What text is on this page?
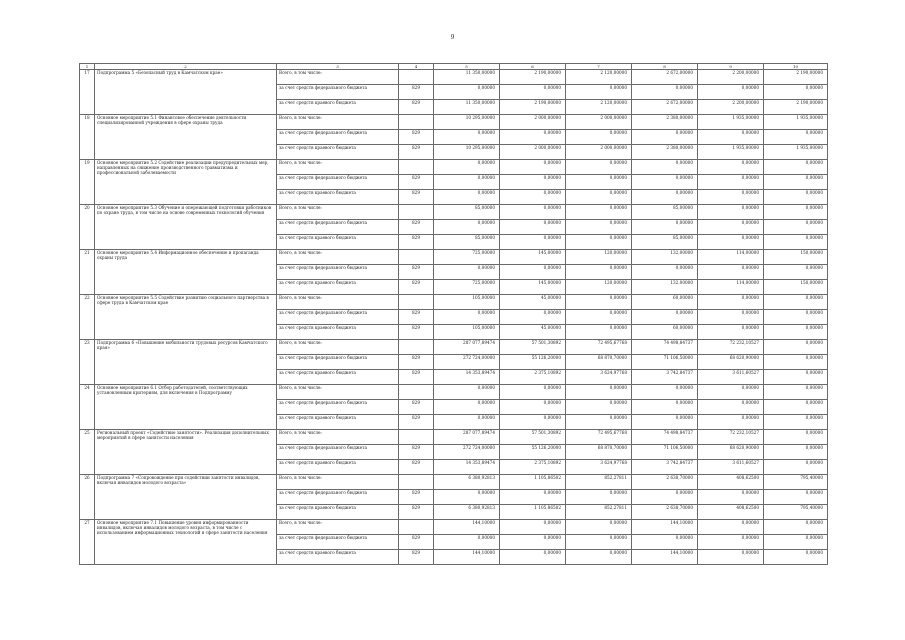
9
1	2	3	4	5	6	7	8	9	10
17	Подпрограмма 5 «Безопасный труд в Камчатском крае»	Всего, в том числе:		11 350,00000	2 190,00000	2 120,00000	2 672,00000	2 200,00000	2 190,00000
		за счет средств федерального бюджета	829	0,00000	0,00000	0,00000	0,00000	0,00000	0,00000
		за счет средств краевого бюджета	829	11 350,00000	2 190,00000	2 120,00000	2 672,00000	2 200,00000	2 190,00000
18	Основное мероприятие 5.1 Финансовое обеспечение деятельности специализированной учреждения в сфере охраны труда	Всего, в том числе:		10 295,00000	2 000,00000	2 000,00000	2 380,00000	1 935,00000	1 935,00000
		за счет средств федерального бюджета	829	0,00000	0,00000	0,00000	0,00000	0,00000	0,00000
		за счет средств краевого бюджета	829	10 295,00000	2 000,00000	2 000,00000	2 380,00000	1 935,00000	1 935,00000
19	Основное мероприятие 5.2 Содействие реализации предупредительных мер, направленных на снижение производственного травматизма и профессиональной заболеваемости	Всего, в том числе:		0,00000	0,00000	0,00000	0,00000	0,00000	0,00000
		за счет средств федерального бюджета	829	0,00000	0,00000	0,00000	0,00000	0,00000	0,00000
		за счет средств краевого бюджета	829	0,00000	0,00000	0,00000	0,00000	0,00000	0,00000
20	Основное мероприятие 5.3 Обучение и опережающей подготовки работников по охране труда, в том числе на основе современных технологий обучения	Всего, в том числе:		85,00000	0,00000	0,00000	85,00000	0,00000	0,00000
		за счет средств федерального бюджета	829	0,00000	0,00000	0,00000	0,00000	0,00000	0,00000
		за счет средств краевого бюджета	829	85,00000	0,00000	0,00000	85,00000	0,00000	0,00000
21	Основное мероприятие 5.4 Информационное обеспечение и пропаганда охраны труда	Всего, в том числе:		725,00000	145,00000	120,00000	132,00000	114,00000	150,00000
		за счет средств федерального бюджета	829	0,00000	0,00000	0,00000	0,00000	0,00000	0,00000
		за счет средств краевого бюджета	829	725,00000	145,00000	120,00000	132,00000	114,00000	150,00000
22	Основное мероприятие 5.5 Содействие развитию социального партнерства в сфере труда в Камчатском крае	Всего, в том числе:		105,00000	45,00000	0,00000	60,00000	0,00000	0,00000
		за счет средств федерального бюджета	829	0,00000	0,00000	0,00000	0,00000	0,00000	0,00000
		за счет средств краевого бюджета	829	105,00000	45,00000	0,00000	60,00000	0,00000	0,00000
23	Подпрограмма 6 «Повышение мобильности трудовых ресурсов Камчатского края»	Всего, в том числе:		287 077,89474	57 501,30892	72 495,67768	74 498,84737	72 232,10527	0,00000
		за счет средств федерального бюджета	829	272 724,00000	55 126,20000	68 870,70000	71 106,50000	68 620,90000	0,00000
		за счет средств краевого бюджета	829	14 353,89474	2 375,10892	3 624,97768	3 742,84737	3 611,60527	0,00000
24	Основное мероприятие 6.1 Отбор работодателей, соответствующих установленным критериям, для включения в Подпрограмму	Всего, в том числе:		0,00000	0,00000	0,00000	0,00000	0,00000	0,00000
		за счет средств федерального бюджета	829	0,00000	0,00000	0,00000	0,00000	0,00000	0,00000
		за счет средств краевого бюджета	829	0,00000	0,00000	0,00000	0,00000	0,00000	0,00000
25	Региональный проект «Содействие занятости». Реализация дополнительных мероприятий в сфере занятости населения	Всего, в том числе:		287 077,89474	57 501,30892	72 495,67768	74 498,84737	72 232,10527	0,00000
		за счет средств федерального бюджета	829	272 724,00000	55 126,20000	68 870,70000	71 106,50000	68 620,90000	0,00000
		за счет средств краевого бюджета	829	14 353,89474	2 375,10892	3 624,97768	3 742,84737	3 611,60527	0,00000
26	Подпрограмма 7 «Сопровождение при содействии занятости инвалидов, включая инвалидов молодого возраста»	Всего, в том числе:		6 380,92813	1 105,86502	852,27811	2 638,70000	408,62500	795,40000
		за счет средств федерального бюджета	829	0,00000	0,00000	0,00000	0,00000	0,00000	0,00000
		за счет средств краевого бюджета	829	6 380,92813	1 105,86502	852,27811	2 638,70000	408,62500	795,40000
27	Основное мероприятие 7.1 Повышение уровня информированности инвалидов, включая инвалидов молодого возраста, в том числе с использованием информационных технологий в сфере занятости населения	Всего, в том числе:		144,10000	0,00000	0,00000	144,10000	0,00000	0,00000
		за счет средств федерального бюджета	829	0,00000	0,00000	0,00000	0,00000	0,00000	0,00000
		за счет средств краевого бюджета	829	144,10000	0,00000	0,00000	144,10000	0,00000	0,00000
